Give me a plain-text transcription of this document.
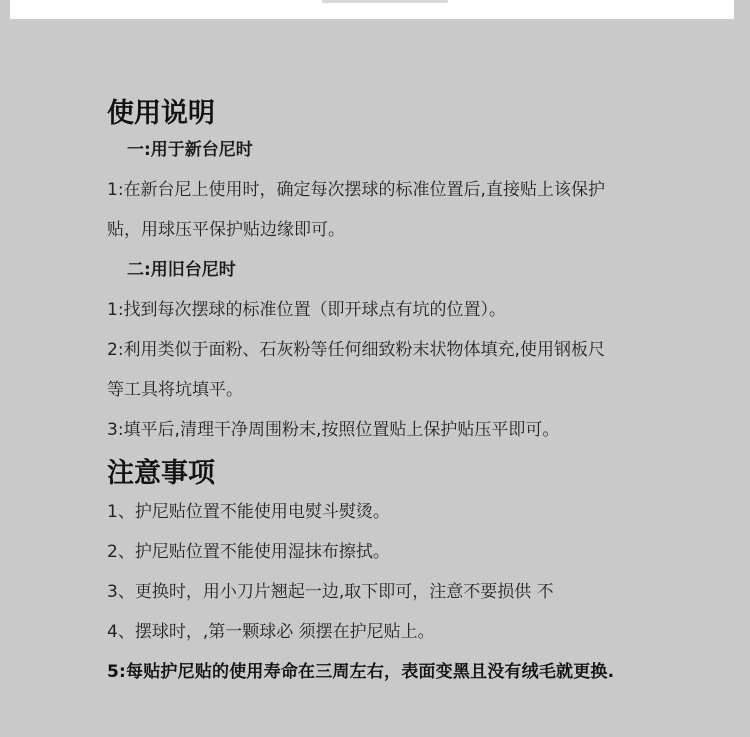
使用说明
一:用于新台尼时
1:在新台尼上使用时，确定每次摆球的标准位置后,直接贴上该保护
贴，用球压平保护贴边缘即可。
二:用旧台尼时
1:找到每次摆球的标准位置（即开球点有坑的位置）。
2:利用类似于面粉、石灰粉等任何细致粉末状物体填充,使用钢板尺
等工具将坑填平。
3:填平后,清理干净周围粉末,按照位置贴上保护贴压平即可。
注意事项
1、护尼贴位置不能使用电熨斗熨烫。
2、护尼贴位置不能使用湿抹布擦拭。
3、更换时，用小刀片翘起一边,取下即可，注意不要损供 不
4、摆球时，,第一颗球必 须摆在护尼贴上。
5:每贴护尼贴的使用寿命在三周左右，表面变黑且没有绒毛就更换.
